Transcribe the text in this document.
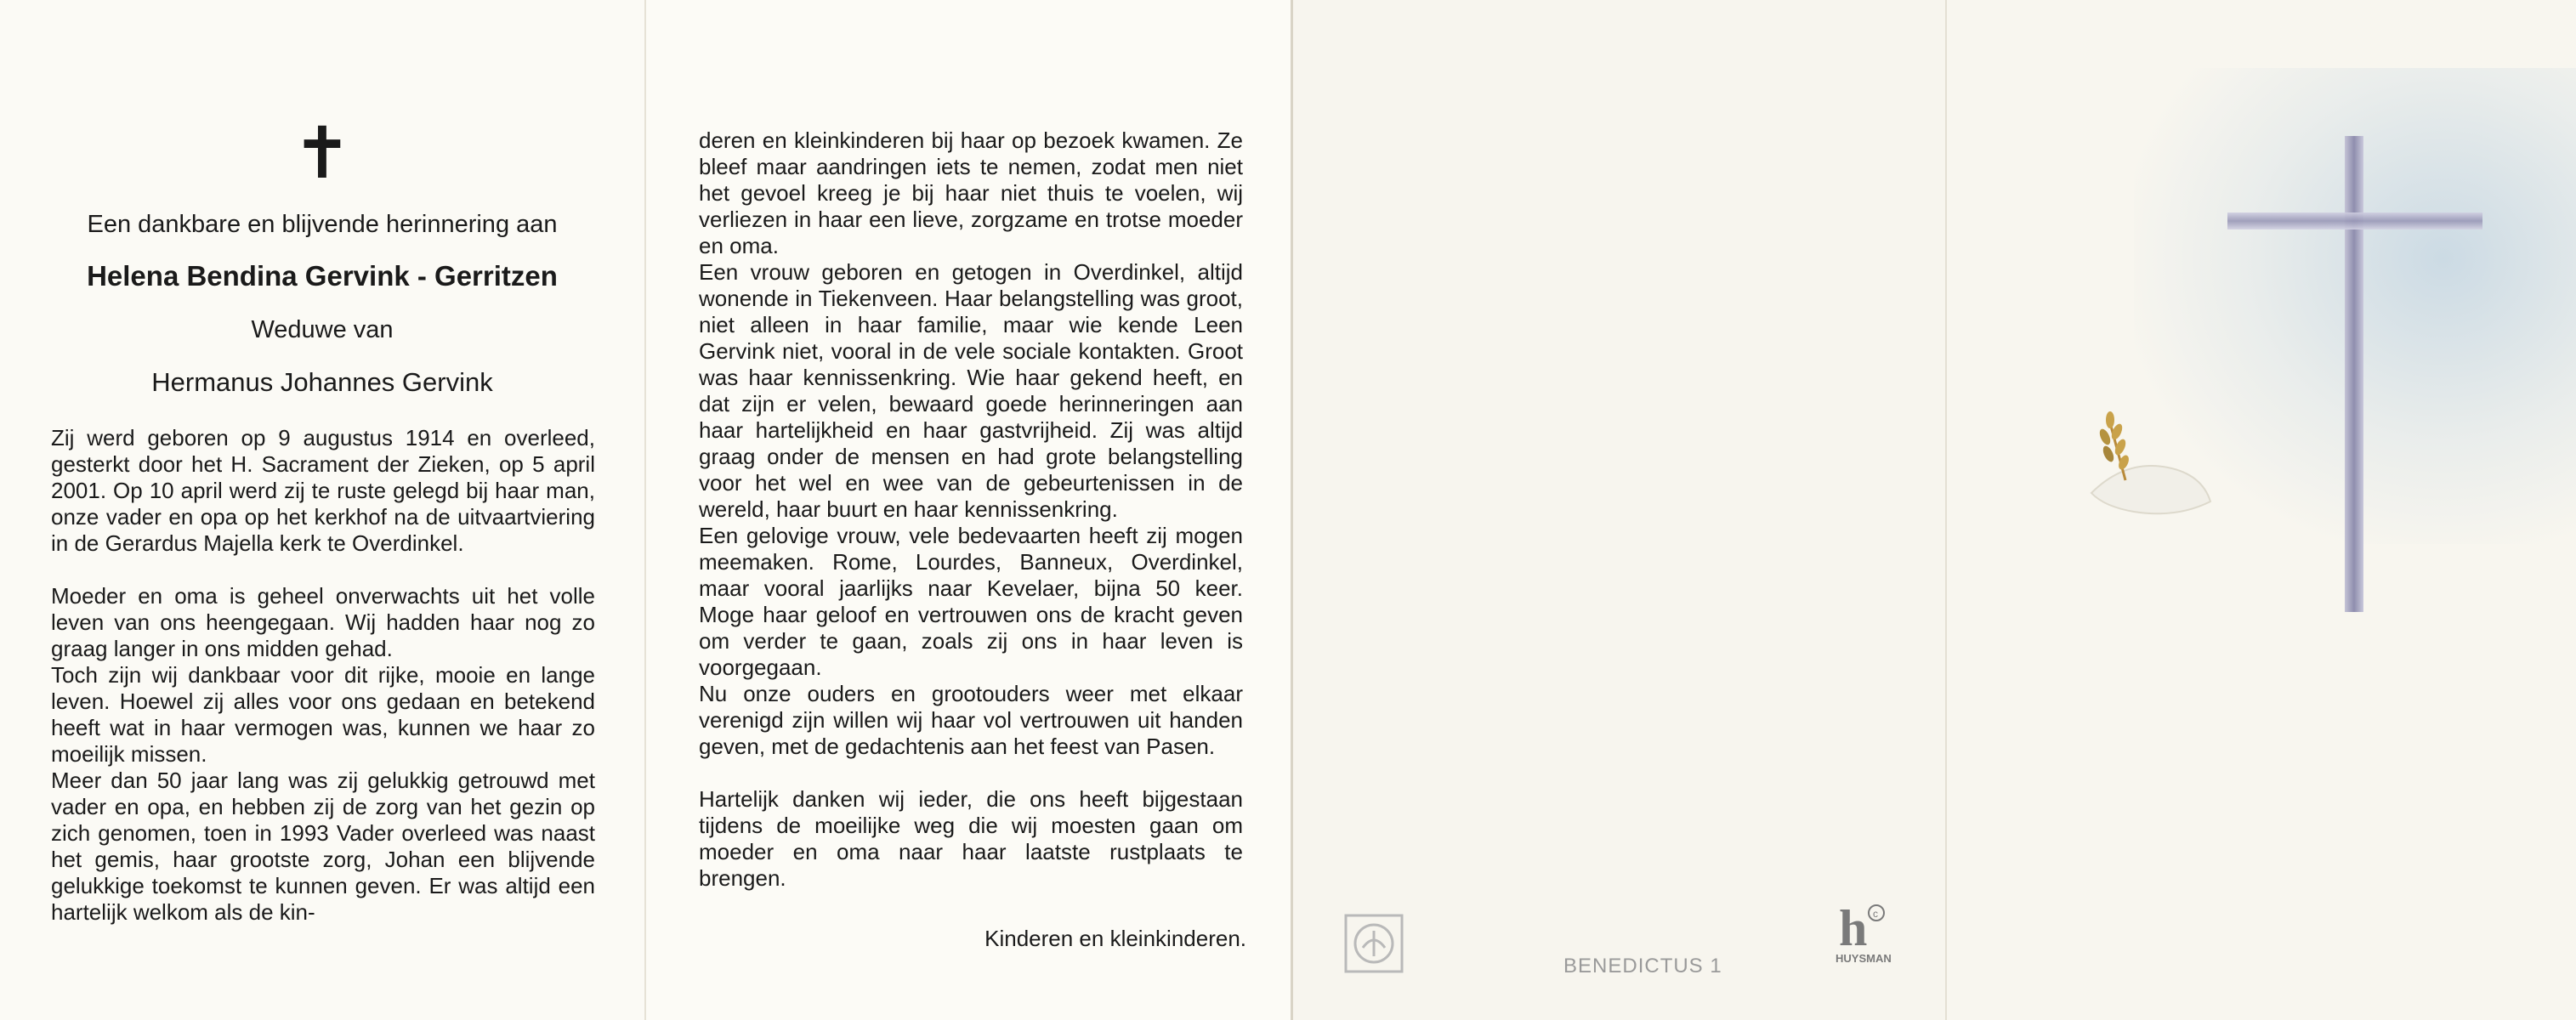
✝
Een dankbare en blijvende herinnering aan
Helena Bendina Gervink - Gerritzen
Weduwe van
Hermanus Johannes Gervink

Zij werd geboren op 9 augustus 1914 en overleed, gesterkt door het H. Sacrament der Zieken, op 5 april 2001. Op 10 april werd zij te ruste gelegd bij haar man, onze vader en opa op het kerkhof na de uitvaartviering in de Gerardus Majella kerk te Overdinkel.

Moeder en oma is geheel onverwachts uit het volle leven van ons heengegaan. Wij hadden haar nog zo graag langer in ons midden gehad.

Toch zijn wij dankbaar voor dit rijke, mooie en lange leven. Hoewel zij alles voor ons gedaan en betekend heeft wat in haar vermogen was, kunnen we haar zo moeilijk missen.

Meer dan 50 jaar lang was zij gelukkig getrouwd met vader en opa, en hebben zij de zorg van het gezin op zich genomen, toen in 1993 Vader overleed was naast het gemis, haar grootste zorg, Johan een blijvende gelukkige toekomst te kunnen geven. Er was altijd een hartelijk welkom als de kin-

deren en kleinkinderen bij haar op bezoek kwamen. Ze bleef maar aandringen iets te nemen, zodat men niet het gevoel kreeg je bij haar niet thuis te voelen, wij verliezen in haar een lieve, zorgzame en trotse moeder en oma.

Een vrouw geboren en getogen in Overdinkel, altijd wonende in Tiekenveen. Haar belangstelling was groot, niet alleen in haar familie, maar wie kende Leen Gervink niet, vooral in de vele sociale kontakten. Groot was haar kennissenkring. Wie haar gekend heeft, en dat zijn er velen, bewaard goede herinneringen aan haar hartelijkheid en haar gastvrijheid. Zij was altijd graag onder de mensen en had grote belangstelling voor het wel en wee van de gebeurtenissen in de wereld, haar buurt en haar kennissenkring.

Een gelovige vrouw, vele bedevaarten heeft zij mogen meemaken. Rome, Lourdes, Banneux, Overdinkel, maar vooral jaarlijks naar Kevelaer, bijna 50 keer. Moge haar geloof en vertrouwen ons de kracht geven om verder te gaan, zoals zij ons in haar leven is voorgegaan.

Nu onze ouders en grootouders weer met elkaar verenigd zijn willen wij haar vol vertrouwen uit handen geven, met de gedachtenis aan het feest van Pasen.

Hartelijk danken wij ieder, die ons heeft bijgestaan tijdens de moeilijke weg die wij moesten gaan om moeder en oma naar haar laatste rustplaats te brengen.

Kinderen en kleinkinderen.
BENEDICTUS 1
h c
HUYSMAN
